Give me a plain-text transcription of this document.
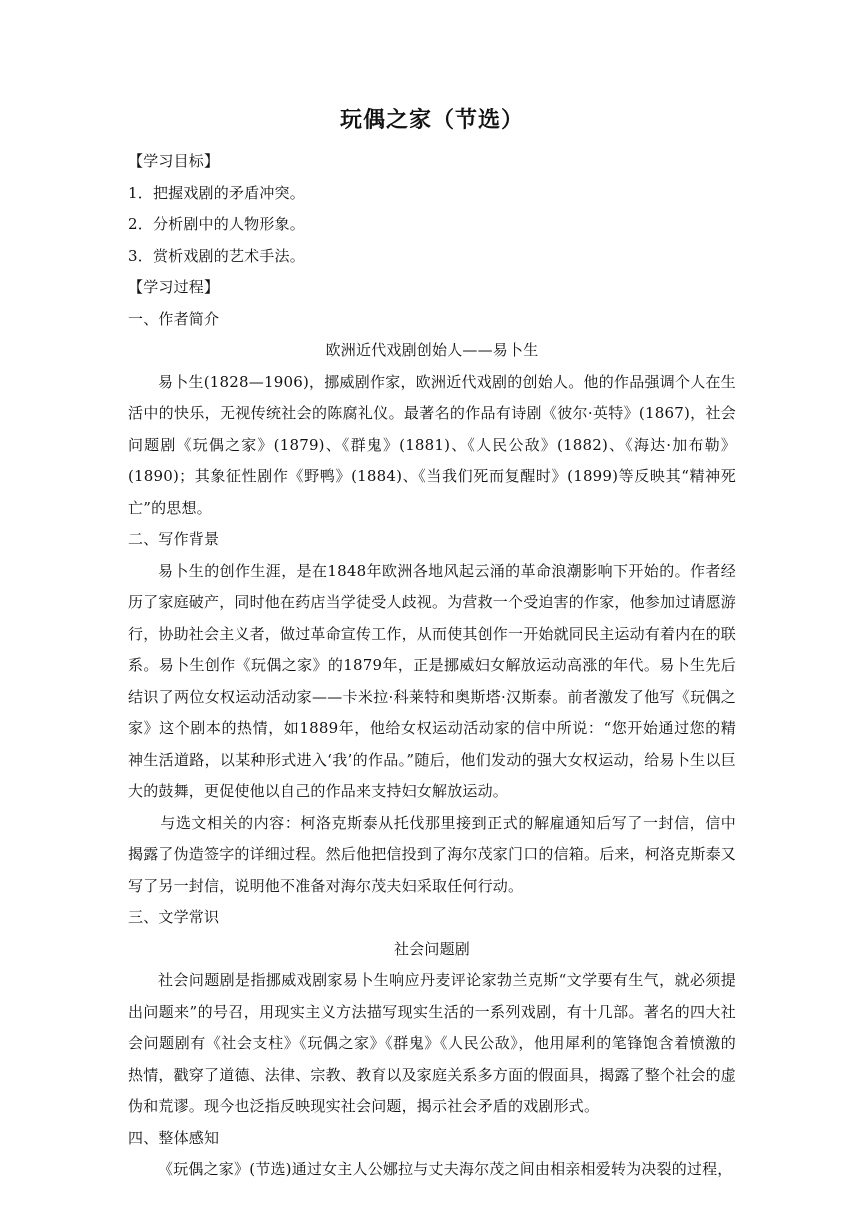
玩偶之家（节选）

【学习目标】

1．把握戏剧的矛盾冲突。

2．分析剧中的人物形象。

3．赏析戏剧的艺术手法。

【学习过程】

一、作者简介

欧洲近代戏剧创始人——易卜生

易卜生(1828—1906)，挪威剧作家，欧洲近代戏剧的创始人。他的作品强调个人在生活中的快乐，无视传统社会的陈腐礼仪。最著名的作品有诗剧《彼尔·英特》(1867)，社会问题剧《玩偶之家》(1879)、《群鬼》(1881)、《人民公敌》(1882)、《海达·加布勒》(1890)；其象征性剧作《野鸭》(1884)、《当我们死而复醒时》(1899)等反映其“精神死亡”的思想。

二、写作背景

易卜生的创作生涯，是在1848年欧洲各地风起云涌的革命浪潮影响下开始的。作者经历了家庭破产，同时他在药店当学徒受人歧视。为营救一个受迫害的作家，他参加过请愿游行，协助社会主义者，做过革命宣传工作，从而使其创作一开始就同民主运动有着内在的联系。易卜生创作《玩偶之家》的1879年，正是挪威妇女解放运动高涨的年代。易卜生先后结识了两位女权运动活动家——卡米拉·科莱特和奥斯塔·汉斯泰。前者激发了他写《玩偶之家》这个剧本的热情，如1889年，他给女权运动活动家的信中所说：“您开始通过您的精神生活道路，以某种形式进入‘我’的作品。”随后，他们发动的强大女权运动，给易卜生以巨大的鼓舞，更促使他以自己的作品来支持妇女解放运动。

与选文相关的内容：柯洛克斯泰从托伐那里接到正式的解雇通知后写了一封信，信中揭露了伪造签字的详细过程。然后他把信投到了海尔茂家门口的信箱。后来，柯洛克斯泰又写了另一封信，说明他不准备对海尔茂夫妇采取任何行动。

三、文学常识

社会问题剧

社会问题剧是指挪威戏剧家易卜生响应丹麦评论家勃兰克斯“文学要有生气，就必须提出问题来”的号召，用现实主义方法描写现实生活的一系列戏剧，有十几部。著名的四大社会问题剧有《社会支柱》《玩偶之家》《群鬼》《人民公敌》，他用犀利的笔锋饱含着愤激的热情，戳穿了道德、法律、宗教、教育以及家庭关系多方面的假面具，揭露了整个社会的虚伪和荒谬。现今也泛指反映现实社会问题，揭示社会矛盾的戏剧形式。

四、整体感知

《玩偶之家》(节选)通过女主人公娜拉与丈夫海尔茂之间由相亲相爱转为决裂的过程，
